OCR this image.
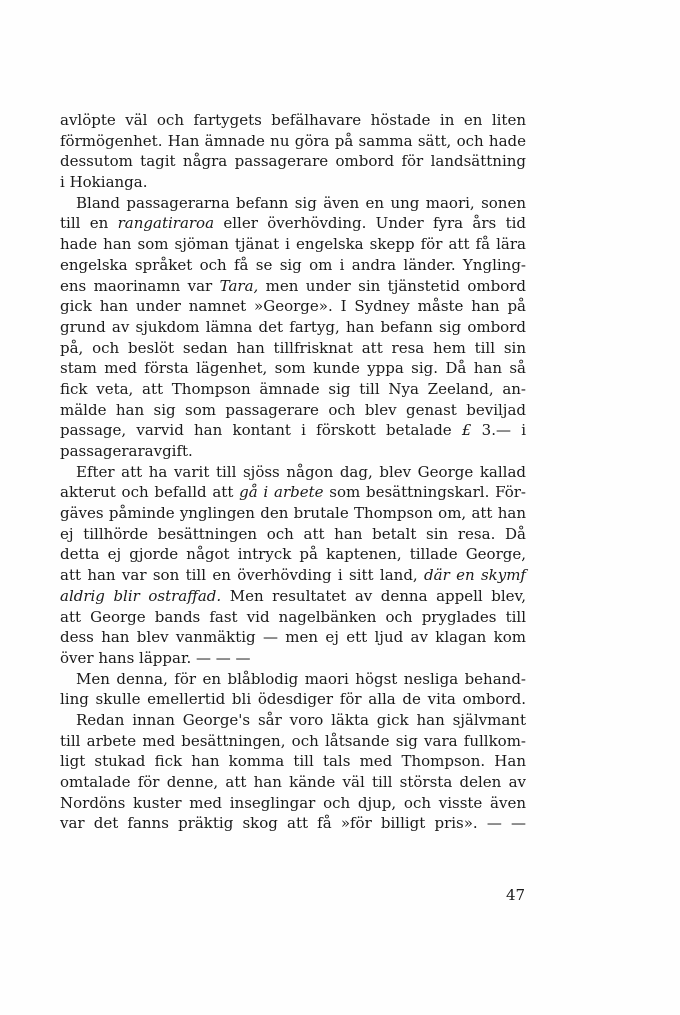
avlöpte väl och fartygets befälhavare höstade in en liten
förmögenhet. Han ämnade nu göra på samma sätt, och hade
dessutom tagit några passagerare ombord för landsättning
i Hokianga.
Bland passagerarna befann sig även en ung maori, sonen
till en rangatiraroa eller överhövding. Under fyra års tid
hade han som sjöman tjänat i engelska skepp för att få lära
engelska språket och få se sig om i andra länder. Yngling-
ens maorinamn var Tara, men under sin tjänstetid ombord
gick han under namnet »George». I Sydney måste han på
grund av sjukdom lämna det fartyg, han befann sig ombord
på, och beslöt sedan han tillfrisknat att resa hem till sin
stam med första lägenhet, som kunde yppa sig. Då han så
fick veta, att Thompson ämnade sig till Nya Zeeland, an-
mälde han sig som passagerare och blev genast beviljad
passage, varvid han kontant i förskott betalade £ 3.— i
passageraravgift.
Efter att ha varit till sjöss någon dag, blev George kallad
akterut och befalld att gå i arbete som besättningskarl. För-
gäves påminde ynglingen den brutale Thompson om, att han
ej tillhörde besättningen och att han betalt sin resa. Då
detta ej gjorde något intryck på kaptenen, tillade George,
att han var son till en överhövding i sitt land, där en skymf
aldrig blir ostraffad. Men resultatet av denna appell blev,
att George bands fast vid nagelbänken och pryglades till
dess han blev vanmäktig — men ej ett ljud av klagan kom
över hans läppar. — — —
Men denna, för en blåblodig maori högst nesliga behand-
ling skulle emellertid bli ödesdiger för alla de vita ombord.
Redan innan George's sår voro läkta gick han självmant
till arbete med besättningen, och låtsande sig vara fullkom-
ligt stukad fick han komma till tals med Thompson. Han
omtalade för denne, att han kände väl till största delen av
Nordöns kuster med inseglingar och djup, och visste även
var det fanns präktig skog att få »för billigt pris». — —
47
